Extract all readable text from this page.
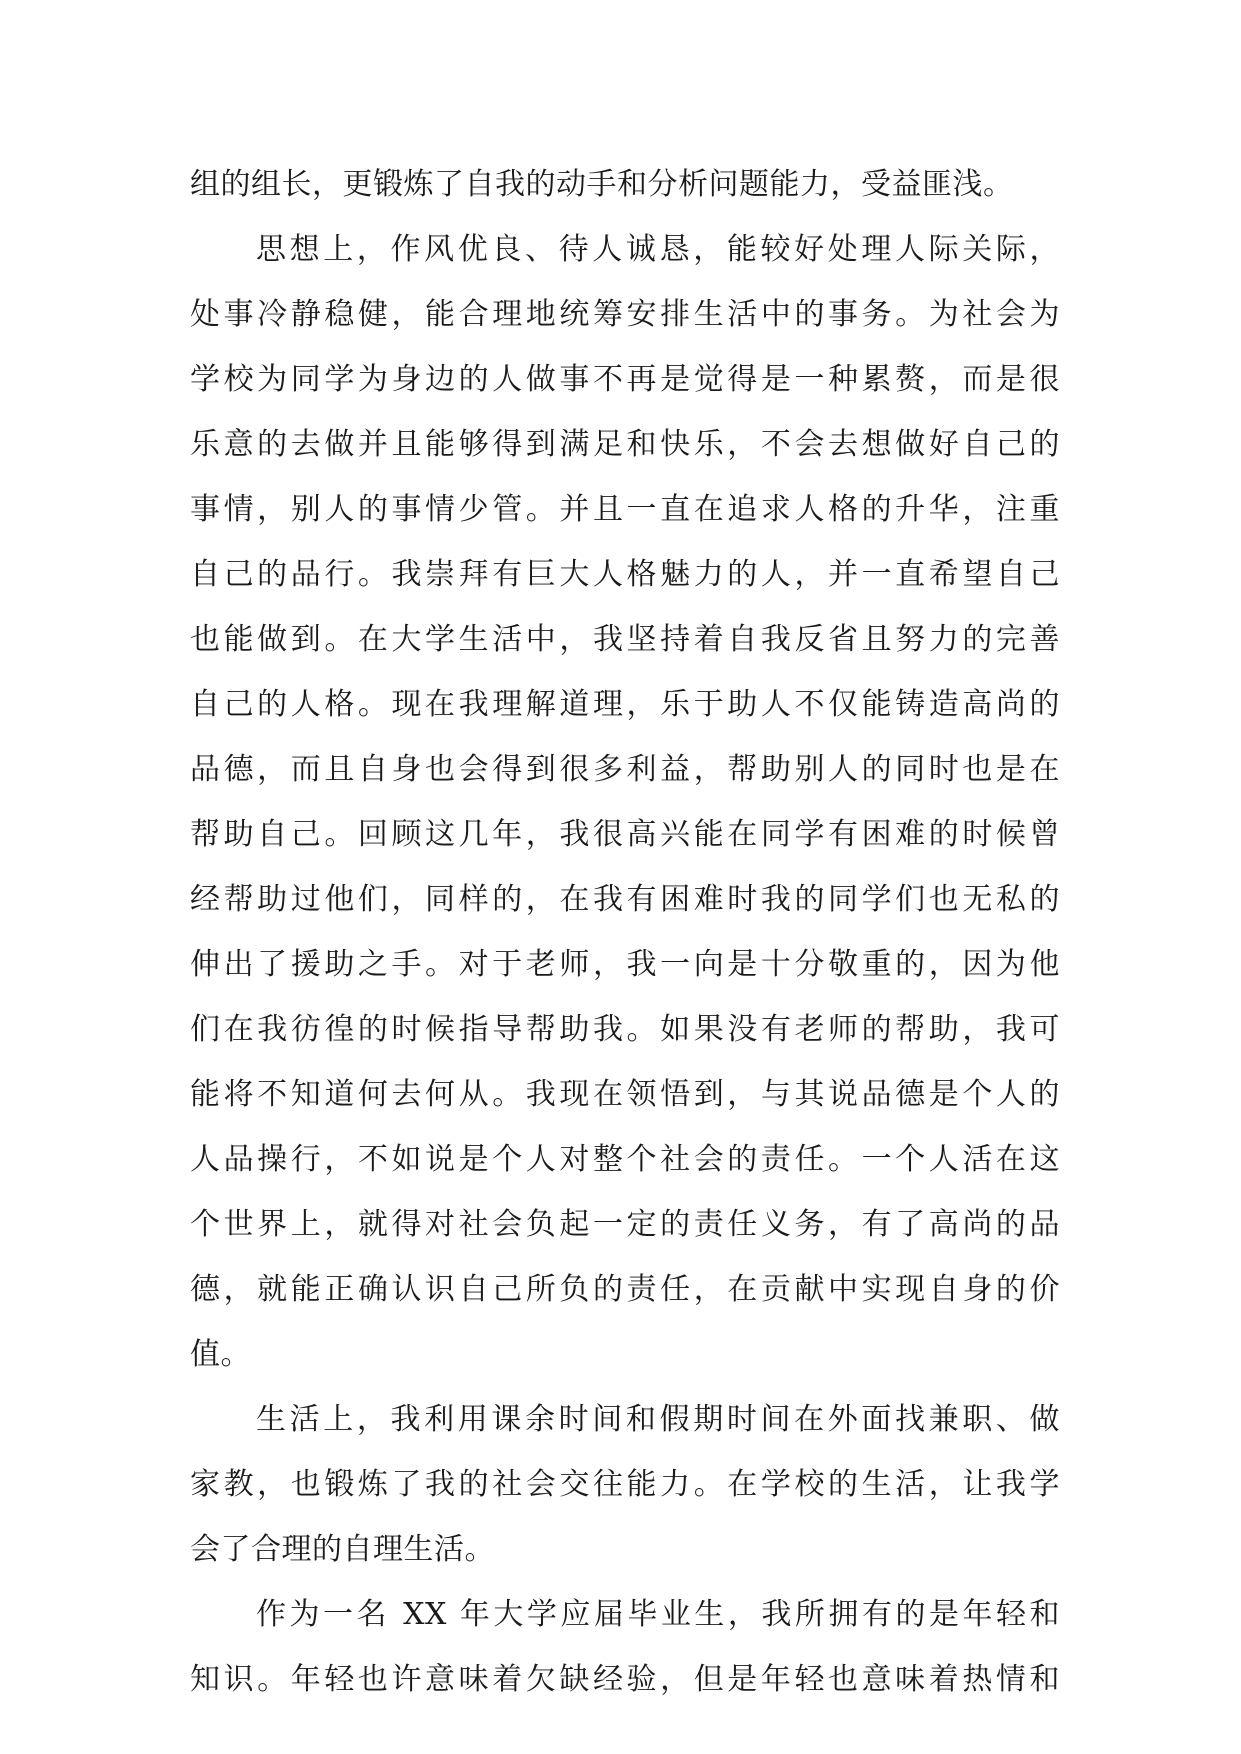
组的组长，更锻炼了自我的动手和分析问题能力，受益匪浅。
思想上，作风优良、待人诚恳，能较好处理人际关际，
处事冷静稳健，能合理地统筹安排生活中的事务。为社会为
学校为同学为身边的人做事不再是觉得是一种累赘，而是很
乐意的去做并且能够得到满足和快乐，不会去想做好自己的
事情，别人的事情少管。并且一直在追求人格的升华，注重
自己的品行。我崇拜有巨大人格魅力的人，并一直希望自己
也能做到。在大学生活中，我坚持着自我反省且努力的完善
自己的人格。现在我理解道理，乐于助人不仅能铸造高尚的
品德，而且自身也会得到很多利益，帮助别人的同时也是在
帮助自己。回顾这几年，我很高兴能在同学有困难的时候曾
经帮助过他们，同样的，在我有困难时我的同学们也无私的
伸出了援助之手。对于老师，我一向是十分敬重的，因为他
们在我彷徨的时候指导帮助我。如果没有老师的帮助，我可
能将不知道何去何从。我现在领悟到，与其说品德是个人的
人品操行，不如说是个人对整个社会的责任。一个人活在这
个世界上，就得对社会负起一定的责任义务，有了高尚的品
德，就能正确认识自己所负的责任，在贡献中实现自身的价
值。
生活上，我利用课余时间和假期时间在外面找兼职、做
家教，也锻炼了我的社会交往能力。在学校的生活，让我学
会了合理的自理生活。
作为一名 XX 年大学应届毕业生，我所拥有的是年轻和
知识。年轻也许意味着欠缺经验，但是年轻也意味着热情和
